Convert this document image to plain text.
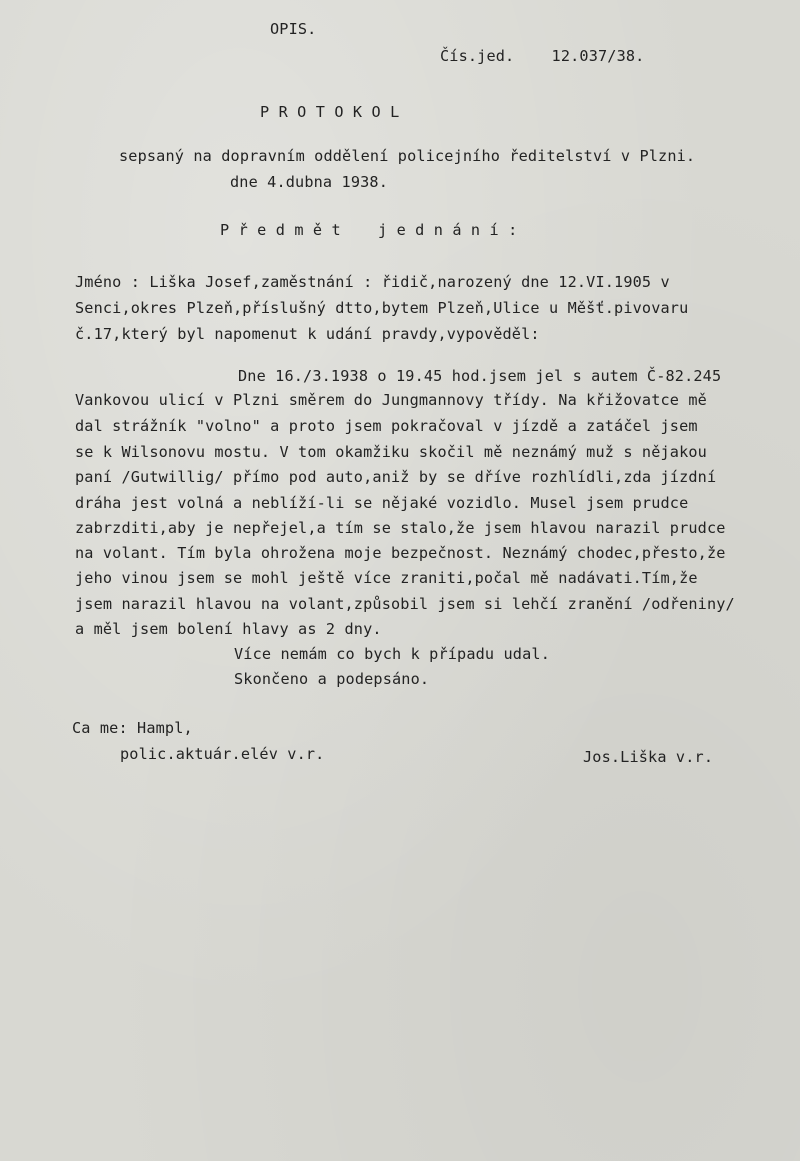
OPIS.
Čís.jed.    12.037/38.
P R O T O K O L
sepsaný na dopravním oddělení policejního ředitelství v Plzni.
dne 4.dubna 1938.
P ř e d m ě t    j e d n á n í :
Jméno : Liška Josef,zaměstnání : řidič,narozený dne 12.VI.1905 v
Senci,okres Plzeň,příslušný dtto,bytem Plzeň,Ulice u Měšť.pivovaru
č.17,který byl napomenut k udání pravdy,vypověděl:
Dne 16./3.1938 o 19.45 hod.jsem jel s autem Č-82.245
Vankovou ulicí v Plzni směrem do Jungmannovy třídy. Na křižovatce mě
dal strážník "volno" a proto jsem pokračoval v jízdě a zatáčel jsem
se k Wilsonovu mostu. V tom okamžiku skočil mě neznámý muž s nějakou
paní /Gutwillig/ přímo pod auto,aniž by se dříve rozhlídli,zda jízdní
dráha jest volná a neblíží-li se nějaké vozidlo. Musel jsem prudce
zabrzditi,aby je nepřejel,a tím se stalo,že jsem hlavou narazil prudce
na volant. Tím byla ohrožena moje bezpečnost. Neznámý chodec,přesto,že
jeho vinou jsem se mohl ještě více zraniti,počal mě nadávati.Tím,že
jsem narazil hlavou na volant,způsobil jsem si lehčí zranění /odřeniny/
a měl jsem bolení hlavy as 2 dny.
Více nemám co bych k případu udal.
Skončeno a podepsáno.
Ca me: Hampl,
polic.aktuár.elév v.r.	Jos.Liška v.r.
